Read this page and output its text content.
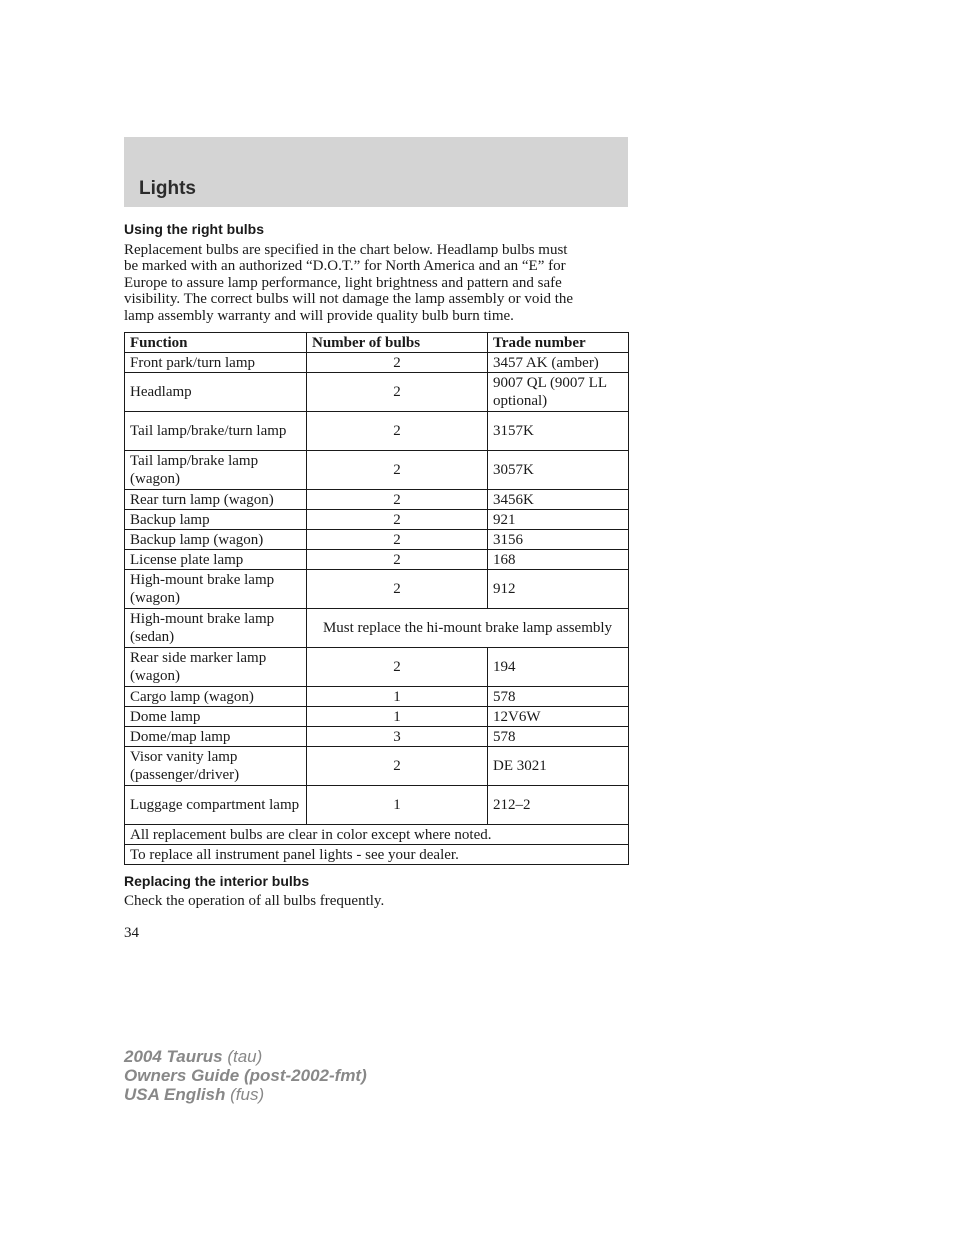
Lights
Using the right bulbs

Replacement bulbs are specified in the chart below. Headlamp bulbs must
be marked with an authorized “D.O.T.” for North America and an “E” for
Europe to assure lamp performance, light brightness and pattern and safe
visibility. The correct bulbs will not damage the lamp assembly or void the
lamp assembly warranty and will provide quality bulb burn time.

Function	Number of bulbs	Trade number
Front park/turn lamp	2	3457 AK (amber)
Headlamp	2	9007 QL (9007 LL optional)
Tail lamp/brake/turn lamp	2	3157K
Tail lamp/brake lamp (wagon)	2	3057K
Rear turn lamp (wagon)	2	3456K
Backup lamp	2	921
Backup lamp (wagon)	2	3156
License plate lamp	2	168
High-mount brake lamp (wagon)	2	912
High-mount brake lamp (sedan)	Must replace the hi-mount brake lamp assembly	
Rear side marker lamp (wagon)	2	194
Cargo lamp (wagon)	1	578
Dome lamp	1	12V6W
Dome/map lamp	3	578
Visor vanity lamp (passenger/driver)	2	DE 3021
Luggage compartment lamp	1	212–2
All replacement bulbs are clear in color except where noted.		
To replace all instrument panel lights - see your dealer.		
Replacing the interior bulbs

Check the operation of all bulbs frequently.

34

2004 Taurus (tau)
Owners Guide (post-2002-fmt)
USA English (fus)
